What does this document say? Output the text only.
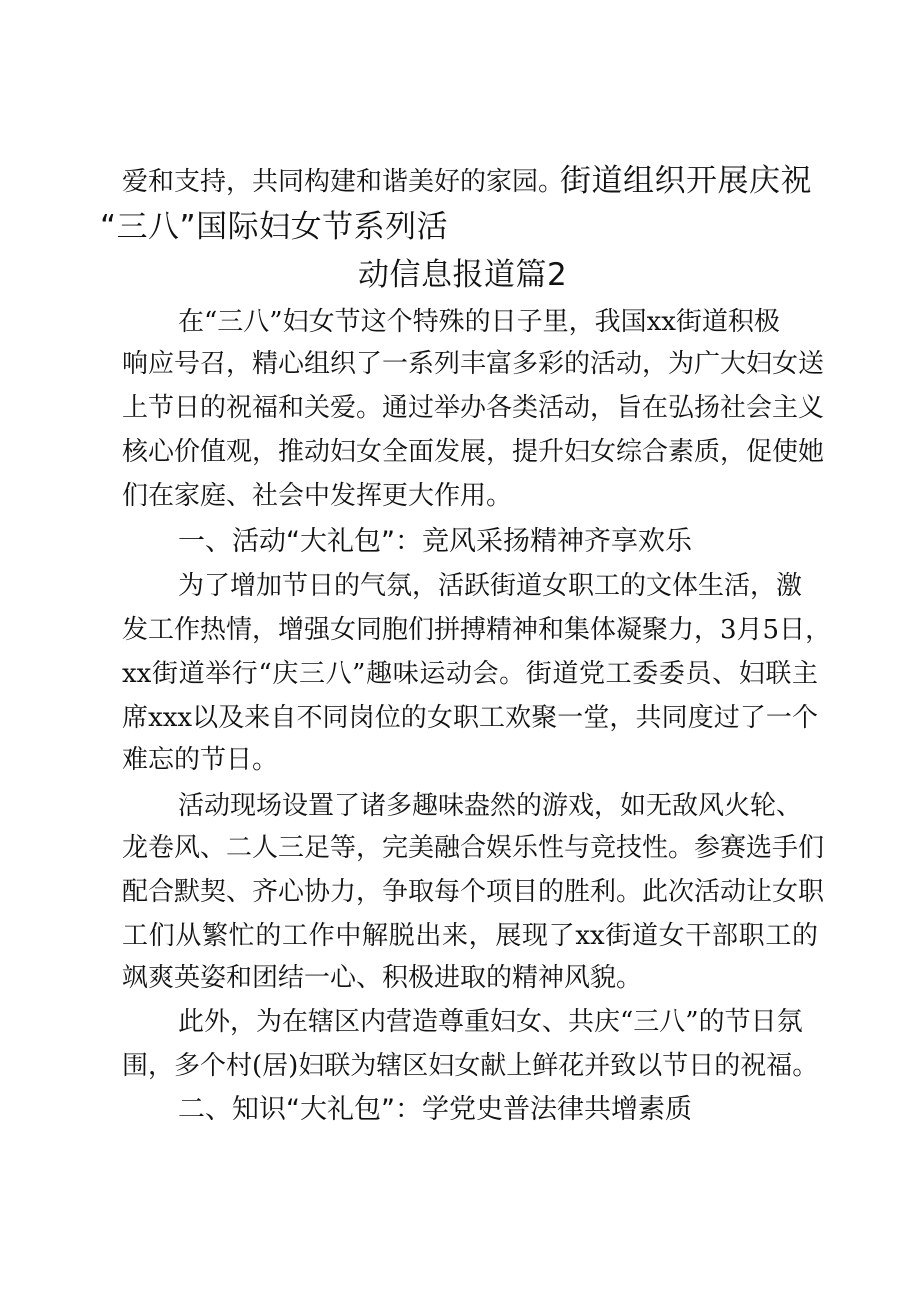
爱和支持，共同构建和谐美好的家园。
街道组织开展庆祝
“三八”国际妇女节系列活
动信息报道篇2
在“三八”妇女节这个特殊的日子里，我国xx街道积极
响应号召，精心组织了一系列丰富多彩的活动，为广大妇女送
上节日的祝福和关爱。通过举办各类活动，旨在弘扬社会主义
核心价值观，推动妇女全面发展，提升妇女综合素质，促使她
们在家庭、社会中发挥更大作用。
一、活动“大礼包”：竞风采扬精神齐享欢乐
为了增加节日的气氛，活跃街道女职工的文体生活，激
发工作热情，增强女同胞们拼搏精神和集体凝聚力，3月5日，
xx街道举行“庆三八”趣味运动会。街道党工委委员、妇联主
席xxx以及来自不同岗位的女职工欢聚一堂，共同度过了一个
难忘的节日。
活动现场设置了诸多趣味盎然的游戏，如无敌风火轮、
龙卷风、二人三足等，完美融合娱乐性与竞技性。参赛选手们
配合默契、齐心协力，争取每个项目的胜利。此次活动让女职
工们从繁忙的工作中解脱出来，展现了xx街道女干部职工的
飒爽英姿和团结一心、积极进取的精神风貌。
此外，为在辖区内营造尊重妇女、共庆“三八”的节日氛
围，多个村(居)妇联为辖区妇女献上鲜花并致以节日的祝福。
二、知识“大礼包”：学党史普法律共增素质
